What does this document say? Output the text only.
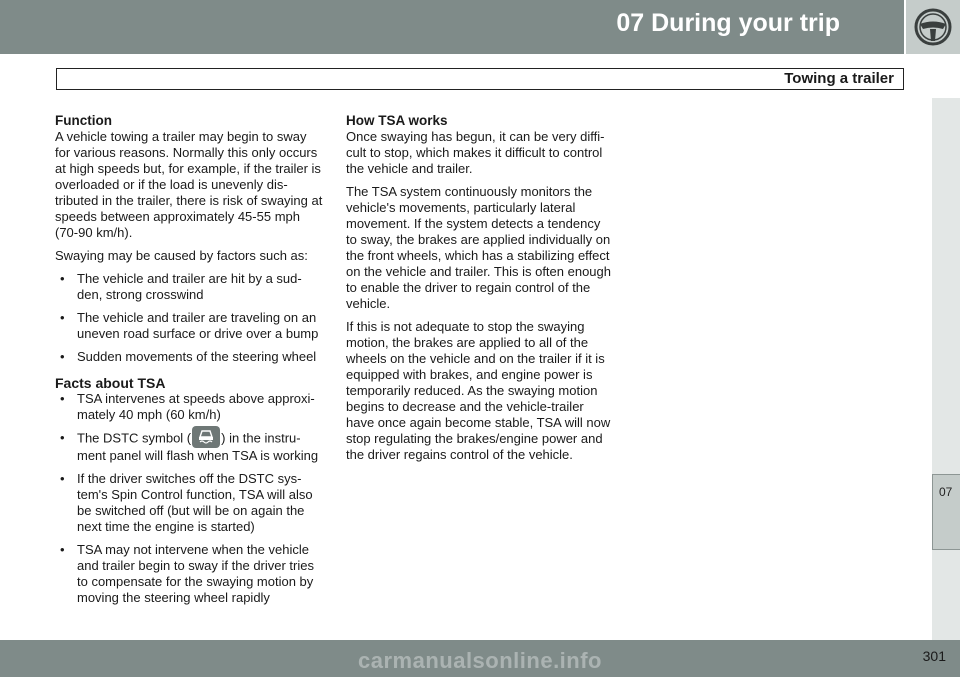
07 During your trip
Towing a trailer
07
Function

A vehicle towing a trailer may begin to sway for various reasons. Normally this only occurs at high speeds but, for example, if the trailer is overloaded or if the load is unevenly dis-tributed in the trailer, there is risk of swaying at speeds between approximately 45-55 mph (70-90 km/h).

Swaying may be caused by factors such as:

• The vehicle and trailer are hit by a sud-den, strong crosswind
• The vehicle and trailer are traveling on an uneven road surface or drive over a bump
• Sudden movements of the steering wheel
Facts about TSA
• TSA intervenes at speeds above approxi-mately 40 mph (60 km/h)
• The DSTC symbol ( ) in the instru-ment panel will flash when TSA is working
• If the driver switches off the DSTC sys-tem's Spin Control function, TSA will also be switched off (but will be on again the next time the engine is started)
• TSA may not intervene when the vehicle and trailer begin to sway if the driver tries to compensate for the swaying motion by moving the steering wheel rapidly
How TSA works

Once swaying has begun, it can be very diffi-cult to stop, which makes it difficult to control the vehicle and trailer.

The TSA system continuously monitors the vehicle's movements, particularly lateral movement. If the system detects a tendency to sway, the brakes are applied individually on the front wheels, which has a stabilizing effect on the vehicle and trailer. This is often enough to enable the driver to regain control of the vehicle.

If this is not adequate to stop the swaying motion, the brakes are applied to all of the wheels on the vehicle and on the trailer if it is equipped with brakes, and engine power is temporarily reduced. As the swaying motion begins to decrease and the vehicle-trailer have once again become stable, TSA will now stop regulating the brakes/engine power and the driver regains control of the vehicle.

carmanualsonline.info	301
